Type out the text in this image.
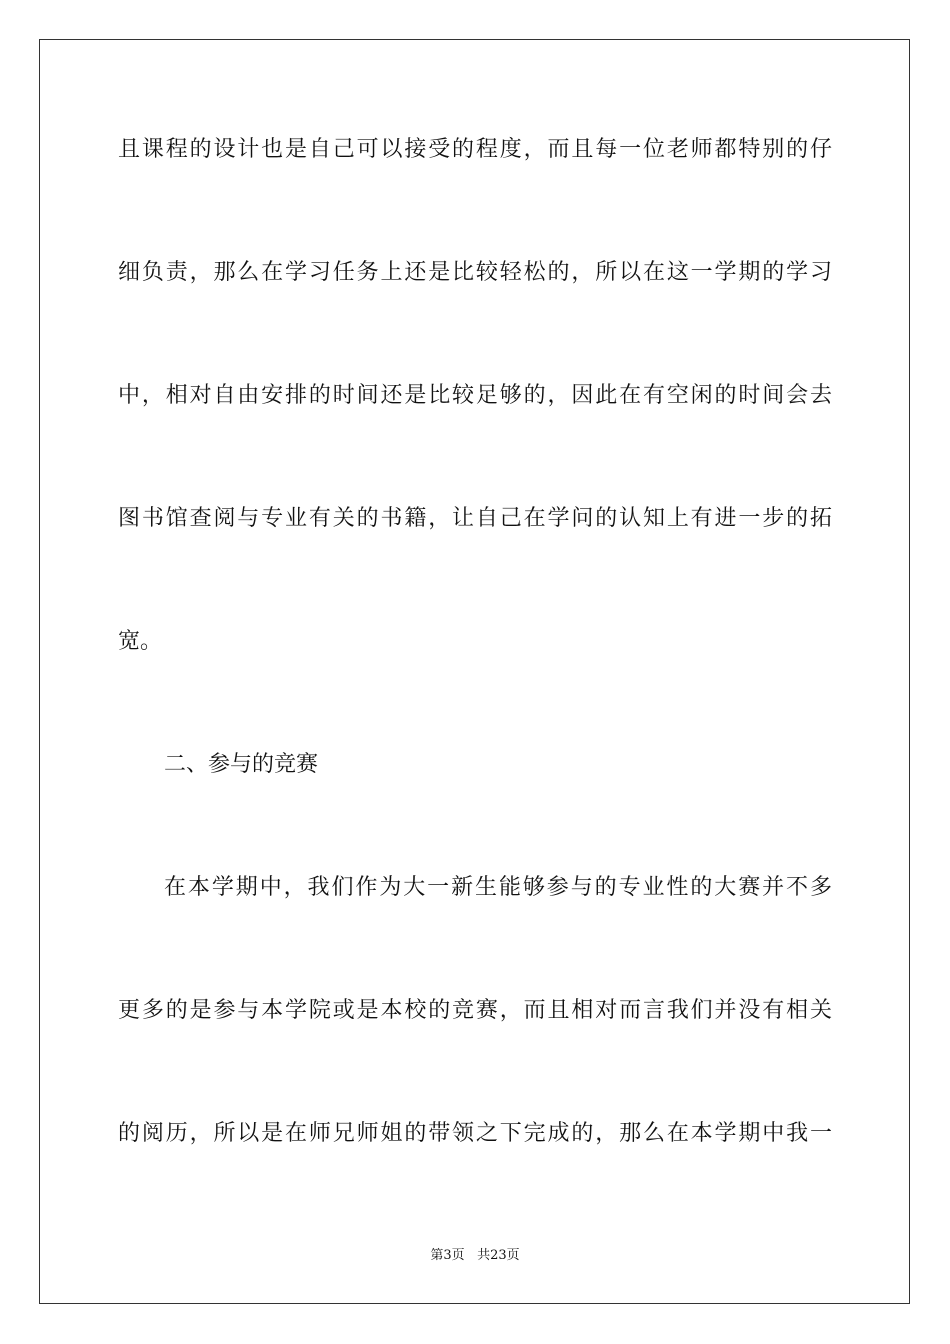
且课程的设计也是自己可以接受的程度，而且每一位老师都特别的仔
细负责，那么在学习任务上还是比较轻松的，所以在这一学期的学习
中，相对自由安排的时间还是比较足够的，因此在有空闲的时间会去
图书馆查阅与专业有关的书籍，让自己在学问的认知上有进一步的拓
宽。
二、参与的竞赛
在本学期中，我们作为大一新生能够参与的专业性的大赛并不多
更多的是参与本学院或是本校的竞赛，而且相对而言我们并没有相关
的阅历，所以是在师兄师姐的带领之下完成的，那么在本学期中我一
第3页 共23页
